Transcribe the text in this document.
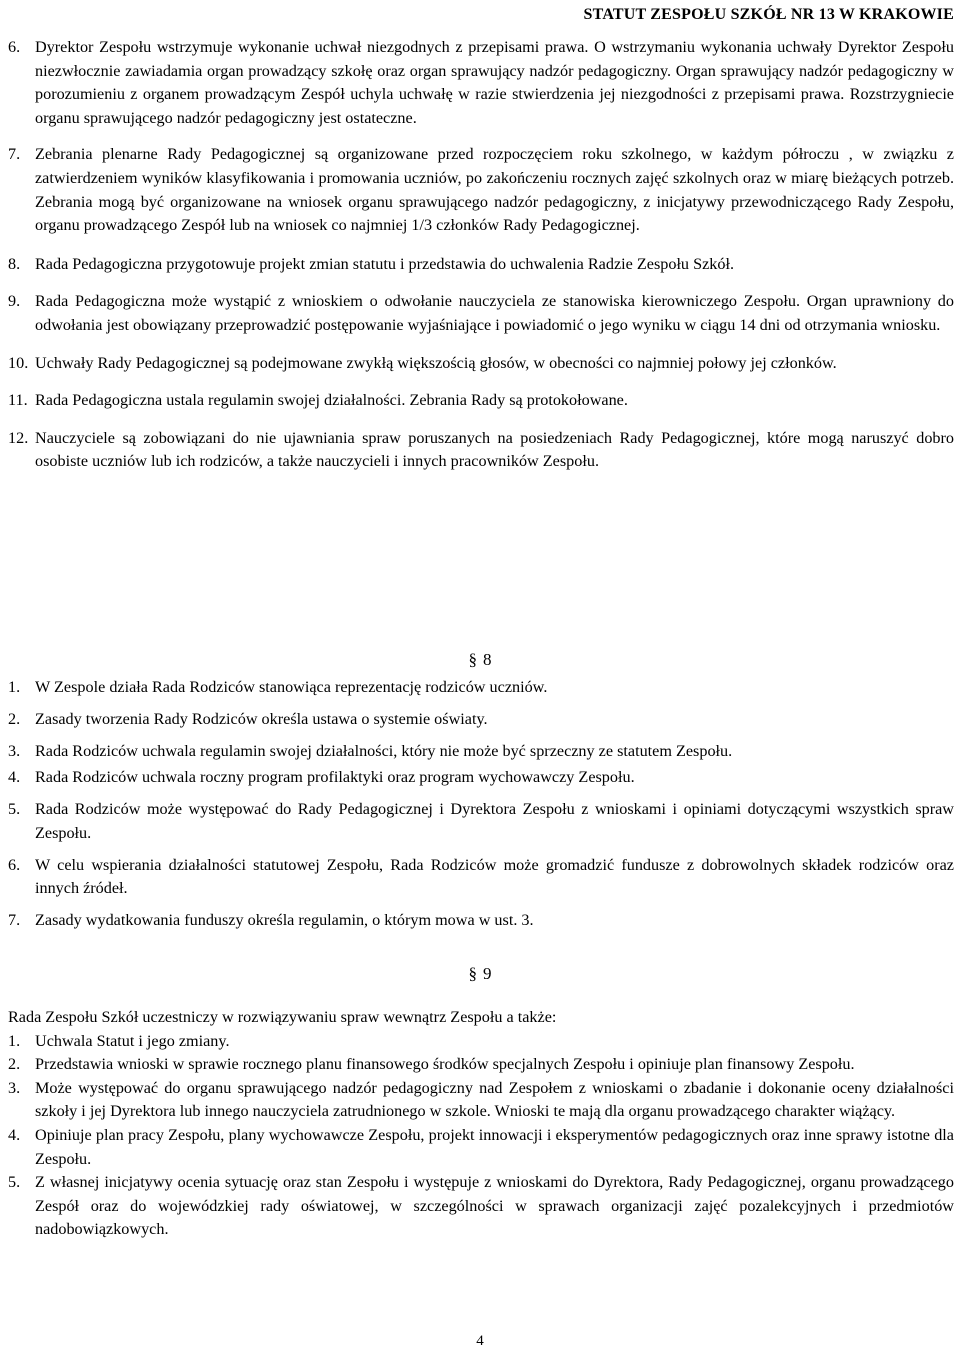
STATUT ZESPOŁU SZKÓŁ NR 13 W KRAKOWIE
6. Dyrektor Zespołu wstrzymuje wykonanie uchwał niezgodnych z przepisami prawa. O wstrzymaniu wykonania uchwały Dyrektor Zespołu niezwłocznie zawiadamia organ prowadzący szkołę oraz organ sprawujący nadzór pedagogiczny. Organ sprawujący nadzór pedagogiczny w porozumieniu z organem prowadzącym Zespół uchyla uchwałę w razie stwierdzenia jej niezgodności z przepisami prawa. Rozstrzygniecie organu sprawującego nadzór pedagogiczny jest ostateczne.
7. Zebrania plenarne Rady Pedagogicznej są organizowane przed rozpoczęciem roku szkolnego, w każdym półroczu , w związku z zatwierdzeniem wyników klasyfikowania i promowania uczniów, po zakończeniu rocznych zajęć szkolnych oraz w miarę bieżących potrzeb. Zebrania mogą być organizowane na wniosek organu sprawującego nadzór pedagogiczny, z inicjatywy przewodniczącego Rady Zespołu, organu prowadzącego Zespół lub na wniosek co najmniej 1/3 członków Rady Pedagogicznej.
8. Rada Pedagogiczna przygotowuje projekt zmian statutu i przedstawia do uchwalenia Radzie Zespołu Szkół.
9. Rada Pedagogiczna może wystąpić z wnioskiem o odwołanie nauczyciela ze stanowiska kierowniczego Zespołu. Organ uprawniony do odwołania jest obowiązany przeprowadzić postępowanie wyjaśniające i powiadomić o jego wyniku w ciągu 14 dni od otrzymania wniosku.
10. Uchwały Rady Pedagogicznej są podejmowane zwykłą większością głosów, w obecności co najmniej połowy jej członków.
11. Rada Pedagogiczna ustala regulamin swojej działalności. Zebrania Rady są protokołowane.
12. Nauczyciele są zobowiązani do nie ujawniania spraw poruszanych na posiedzeniach Rady Pedagogicznej, które mogą naruszyć dobro osobiste uczniów lub ich rodziców, a także nauczycieli i innych pracowników Zespołu.
§ 8
1. W Zespole działa Rada Rodziców stanowiąca reprezentację rodziców uczniów.
2. Zasady tworzenia Rady Rodziców określa ustawa o systemie oświaty.
3. Rada Rodziców uchwala regulamin swojej działalności, który nie może być sprzeczny ze statutem Zespołu.
4. Rada Rodziców uchwala roczny program profilaktyki oraz program wychowawczy Zespołu.
5. Rada Rodziców może występować do Rady Pedagogicznej i Dyrektora Zespołu z wnioskami i opiniami dotyczącymi wszystkich spraw Zespołu.
6. W celu wspierania działalności statutowej Zespołu, Rada Rodziców może gromadzić fundusze z dobrowolnych składek rodziców oraz innych źródeł.
7. Zasady wydatkowania funduszy określa regulamin, o którym mowa w ust. 3.
§ 9
Rada Zespołu Szkół uczestniczy w rozwiązywaniu spraw wewnątrz Zespołu a także:
1. Uchwala Statut i jego zmiany.
2. Przedstawia wnioski w sprawie rocznego planu finansowego środków specjalnych Zespołu i opiniuje plan finansowy Zespołu.
3. Może występować do organu sprawującego nadzór pedagogiczny nad Zespołem z wnioskami o zbadanie i dokonanie oceny działalności szkoły i jej Dyrektora lub innego nauczyciela zatrudnionego w szkole. Wnioski te mają dla organu prowadzącego charakter wiążący.
4. Opiniuje plan pracy Zespołu, plany wychowawcze Zespołu, projekt innowacji i eksperymentów pedagogicznych oraz inne sprawy istotne dla Zespołu.
5. Z własnej inicjatywy ocenia sytuację oraz stan Zespołu i występuje z wnioskami do Dyrektora, Rady Pedagogicznej, organu prowadzącego Zespół oraz do wojewódzkiej rady oświatowej, w szczególności w sprawach organizacji zajęć pozalekcyjnych i przedmiotów nadobowiązkowych.
4
